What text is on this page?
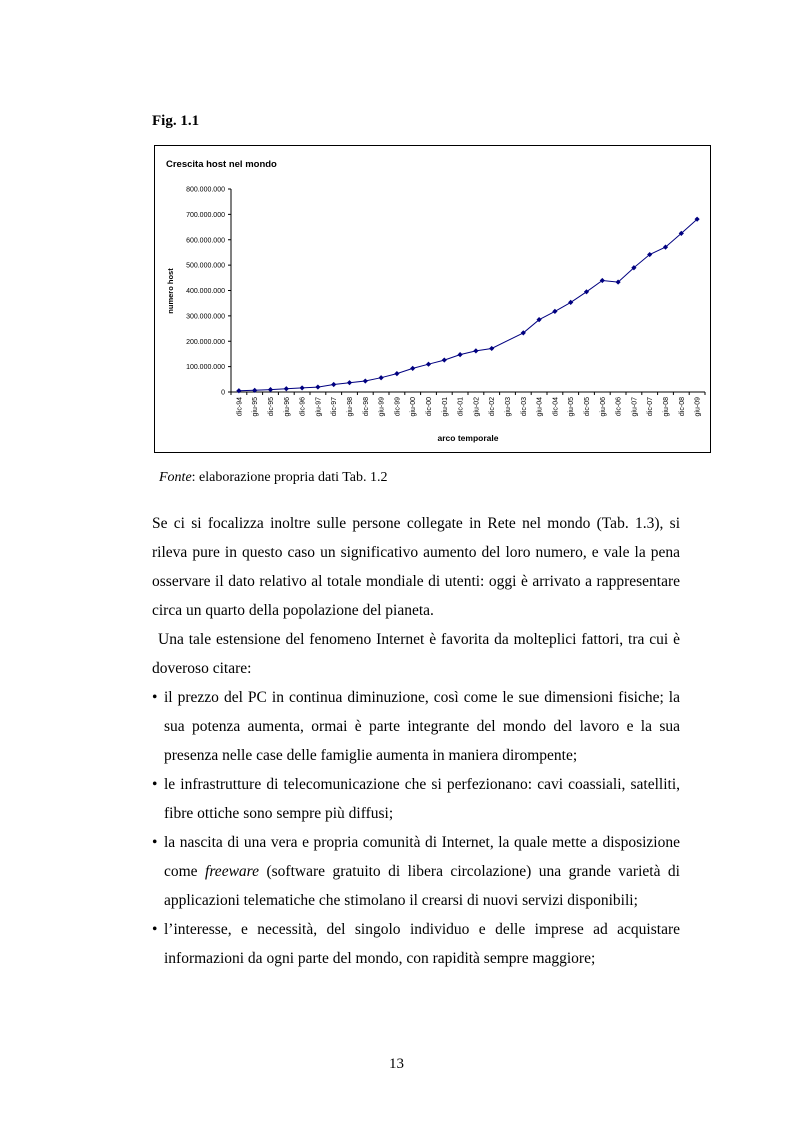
Fig. 1.1
Crescita host nel mondo
numero host
arco temporale
0
100.000.000
200.000.000
300.000.000
400.000.000
500.000.000
600.000.000
700.000.000
800.000.000
dic-94 giu-95 dic-95 giu-96 dic-96 giu-97 dic-97 giu-98 dic-98 giu-99 dic-99 giu-00 dic-00 giu-01 dic-01 giu-02 dic-02 giu-03 dic-03 giu-04 dic-04 giu-05 dic-05 giu-06 dic-06 giu-07 dic-07 giu-08 dic-08 giu-09
Fonte: elaborazione propria dati Tab. 1.2

Se ci si focalizza inoltre sulle persone collegate in Rete nel mondo (Tab. 1.3), si rileva pure in questo caso un significativo aumento del loro numero, e vale la pena osservare il dato relativo al totale mondiale di utenti: oggi è arrivato a rappresentare circa un quarto della popolazione del pianeta.

Una tale estensione del fenomeno Internet è favorita da molteplici fattori, tra cui è doveroso citare:

• il prezzo del PC in continua diminuzione, così come le sue dimensioni fisiche; la sua potenza aumenta, ormai è parte integrante del mondo del lavoro e la sua presenza nelle case delle famiglie aumenta in maniera dirompente;
• le infrastrutture di telecomunicazione che si perfezionano: cavi coassiali, satelliti, fibre ottiche sono sempre più diffusi;
• la nascita di una vera e propria comunità di Internet, la quale mette a disposizione come freeware (software gratuito di libera circolazione) una grande varietà di applicazioni telematiche che stimolano il crearsi di nuovi servizi disponibili;
• l’interesse, e necessità, del singolo individuo e delle imprese ad acquistare informazioni da ogni parte del mondo, con rapidità sempre maggiore;
13
